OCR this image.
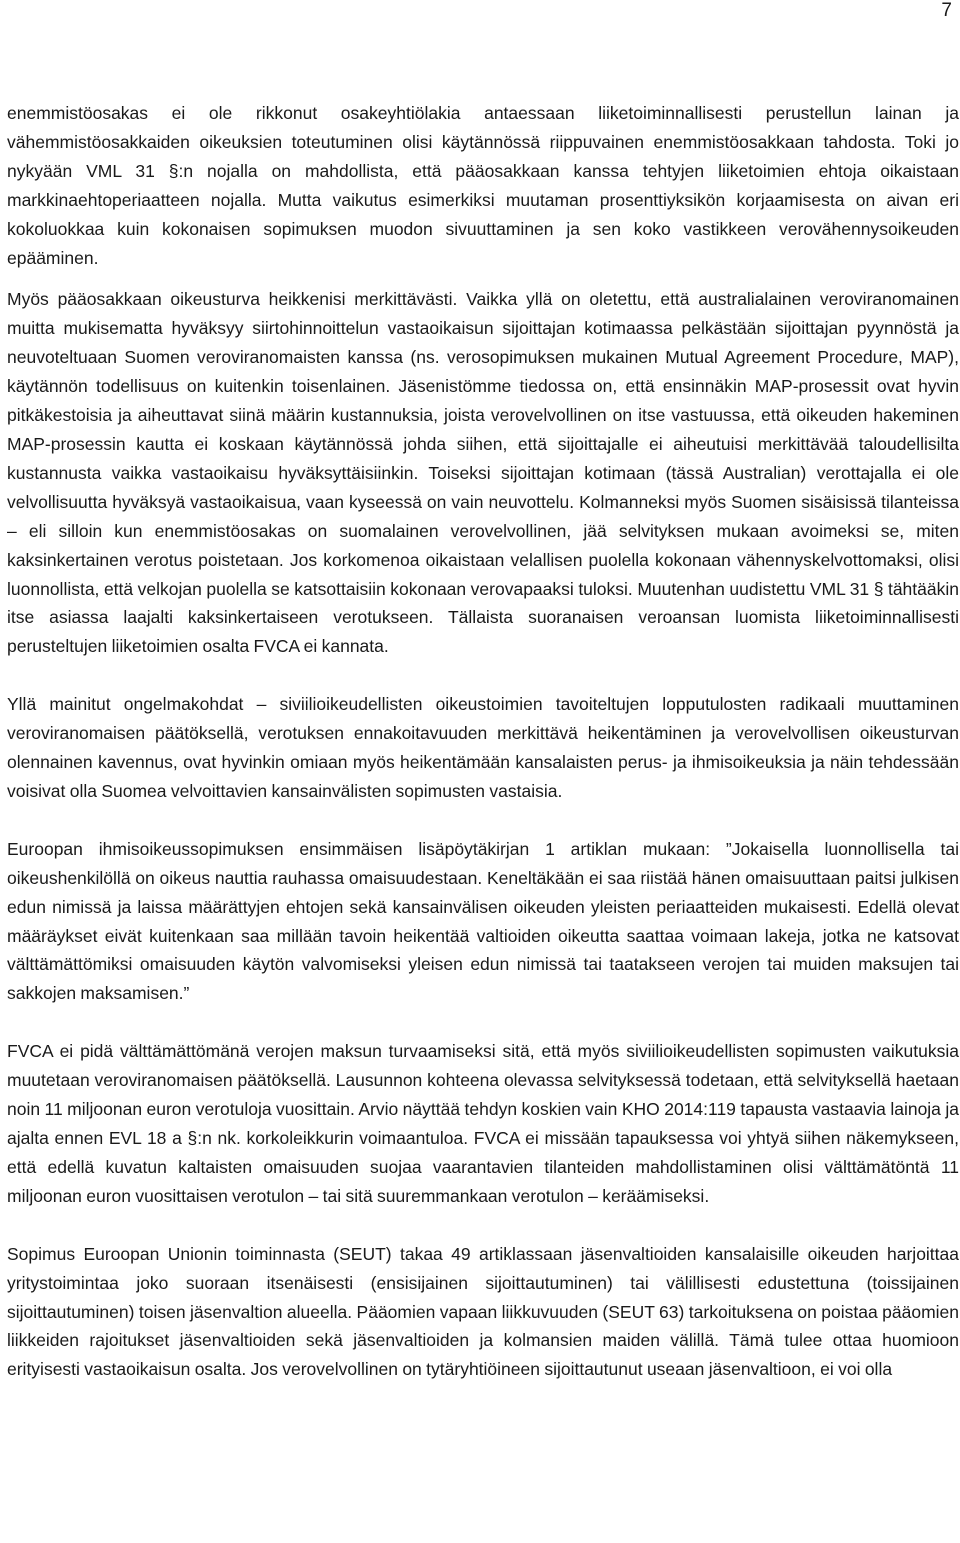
7

enemmistöosakas ei ole rikkonut osakeyhtiölakia antaessaan liiketoiminnallisesti perustellun lainan ja vähemmistöosakkaiden oikeuksien toteutuminen olisi käytännössä riippuvainen enemmistöosakkaan tahdosta. Toki jo nykyään VML 31 §:n nojalla on mahdollista, että pääosakkaan kanssa tehtyjen liiketoimien ehtoja oikaistaan markkinaehtoperiaatteen nojalla. Mutta vaikutus esimerkiksi muutaman prosenttiyksikön korjaamisesta on aivan eri kokoluokkaa kuin kokonaisen sopimuksen muodon sivuuttaminen ja sen koko vastikkeen verovähennysoikeuden epääminen.

Myös pääosakkaan oikeusturva heikkenisi merkittävästi. Vaikka yllä on oletettu, että australialainen veroviranomainen muitta mukisematta hyväksyy siirtohinnoittelun vastaoikaisun sijoittajan kotimaassa pelkästään sijoittajan pyynnöstä ja neuvoteltuaan Suomen veroviranomaisten kanssa (ns. verosopimuksen mukainen Mutual Agreement Procedure, MAP), käytännön todellisuus on kuitenkin toisenlainen. Jäsenistömme tiedossa on, että ensinnäkin MAP-prosessit ovat hyvin pitkäkestoisia ja aiheuttavat siinä määrin kustannuksia, joista verovelvollinen on itse vastuussa, että oikeuden hakeminen MAP-prosessin kautta ei koskaan käytännössä johda siihen, että sijoittajalle ei aiheutuisi merkittävää taloudellisilta kustannusta vaikka vastaoikaisu hyväksyttäisiinkin. Toiseksi sijoittajan kotimaan (tässä Australian) verottajalla ei ole velvollisuutta hyväksyä vastaoikaisua, vaan kyseessä on vain neuvottelu. Kolmanneksi myös Suomen sisäisissä tilanteissa – eli silloin kun enemmistöosakas on suomalainen verovelvollinen, jää selvityksen mukaan avoimeksi se, miten kaksinkertainen verotus poistetaan. Jos korkomenoa oikaistaan velallisen puolella kokonaan vähennyskelvottomaksi, olisi luonnollista, että velkojan puolella se katsottaisiin kokonaan verovapaaksi tuloksi. Muutenhan uudistettu VML 31 § tähtääkin itse asiassa laajalti kaksinkertaiseen verotukseen. Tällaista suoranaisen veroansan luomista liiketoiminnallisesti perusteltujen liiketoimien osalta FVCA ei kannata.

Yllä mainitut ongelmakohdat – siviilioikeudellisten oikeustoimien tavoiteltujen lopputulosten radikaali muuttaminen veroviranomaisen päätöksellä, verotuksen ennakoitavuuden merkittävä heikentäminen ja verovelvollisen oikeusturvan olennainen kavennus, ovat hyvinkin omiaan myös heikentämään kansalaisten perus- ja ihmisoikeuksia ja näin tehdessään voisivat olla Suomea velvoittavien kansainvälisten sopimusten vastaisia.

Euroopan ihmisoikeussopimuksen ensimmäisen lisäpöytäkirjan 1 artiklan mukaan: ”Jokaisella luonnollisella tai oikeushenkilöllä on oikeus nauttia rauhassa omaisuudestaan. Keneltäkään ei saa riistää hänen omaisuuttaan paitsi julkisen edun nimissä ja laissa määrättyjen ehtojen sekä kansainvälisen oikeuden yleisten periaatteiden mukaisesti. Edellä olevat määräykset eivät kuitenkaan saa millään tavoin heikentää valtioiden oikeutta saattaa voimaan lakeja, jotka ne katsovat välttämättömiksi omaisuuden käytön valvomiseksi yleisen edun nimissä tai taatakseen verojen tai muiden maksujen tai sakkojen maksamisen.”

FVCA ei pidä välttämättömänä verojen maksun turvaamiseksi sitä, että myös siviilioikeudellisten sopimusten vaikutuksia muutetaan veroviranomaisen päätöksellä. Lausunnon kohteena olevassa selvityksessä todetaan, että selvityksellä haetaan noin 11 miljoonan euron verotuloja vuosittain. Arvio näyttää tehdyn koskien vain KHO 2014:119 tapausta vastaavia lainoja ja ajalta ennen EVL 18 a §:n nk. korkoleikkurin voimaantuloa. FVCA ei missään tapauksessa voi yhtyä siihen näkemykseen, että edellä kuvatun kaltaisten omaisuuden suojaa vaarantavien tilanteiden mahdollistaminen olisi välttämätöntä 11 miljoonan euron vuosittaisen verotulon – tai sitä suuremmankaan verotulon – keräämiseksi.

Sopimus Euroopan Unionin toiminnasta (SEUT) takaa 49 artiklassaan jäsenvaltioiden kansalaisille oikeuden harjoittaa yritystoimintaa joko suoraan itsenäisesti (ensisijainen sijoittautuminen) tai välillisesti edustettuna (toissijainen sijoittautuminen) toisen jäsenvaltion alueella. Pääomien vapaan liikkuvuuden (SEUT 63) tarkoituksena on poistaa pääomien liikkeiden rajoitukset jäsenvaltioiden sekä jäsenvaltioiden ja kolmansien maiden välillä. Tämä tulee ottaa huomioon erityisesti vastaoikaisun osalta. Jos verovelvollinen on tytäryhtiöineen sijoittautunut useaan jäsenvaltioon, ei voi olla
